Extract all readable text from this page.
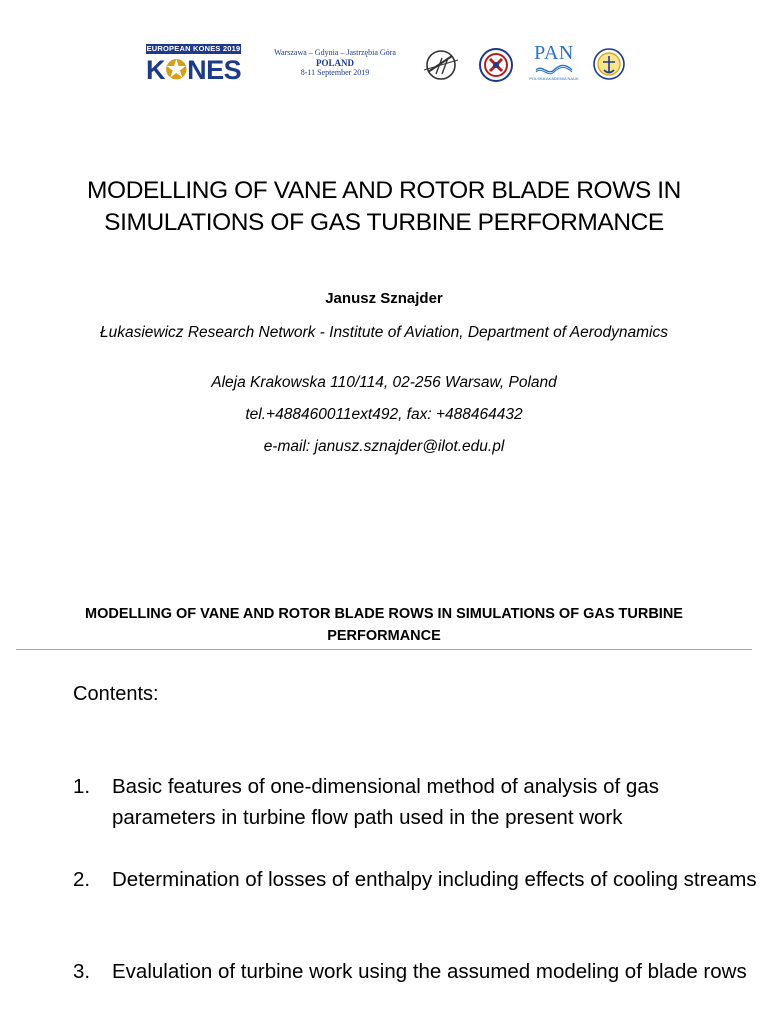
EUROPEAN KONES 2019
K✪NES
Warszawa – Gdynia – Jastrzębia Góra
POLAND
8-11 September 2019
PAN
POLSKA AKADEMIA NAUK
MODELLING OF VANE AND ROTOR BLADE ROWS IN
SIMULATIONS OF GAS TURBINE PERFORMANCE
Janusz Sznajder
Łukasiewicz Research Network - Institute of Aviation, Department of Aerodynamics
Aleja Krakowska 110/114, 02-256 Warsaw, Poland
tel.+488460011ext492, fax: +488464432
e-mail: janusz.sznajder@ilot.edu.pl
MODELLING OF VANE AND ROTOR BLADE ROWS IN SIMULATIONS OF GAS TURBINE
PERFORMANCE
Contents:
1. Basic features of one-dimensional method of analysis of gas parameters in turbine flow path used in the present work
2. Determination of losses of enthalpy including effects of cooling streams
3. Evalulation of turbine work using the assumed modeling of blade rows
